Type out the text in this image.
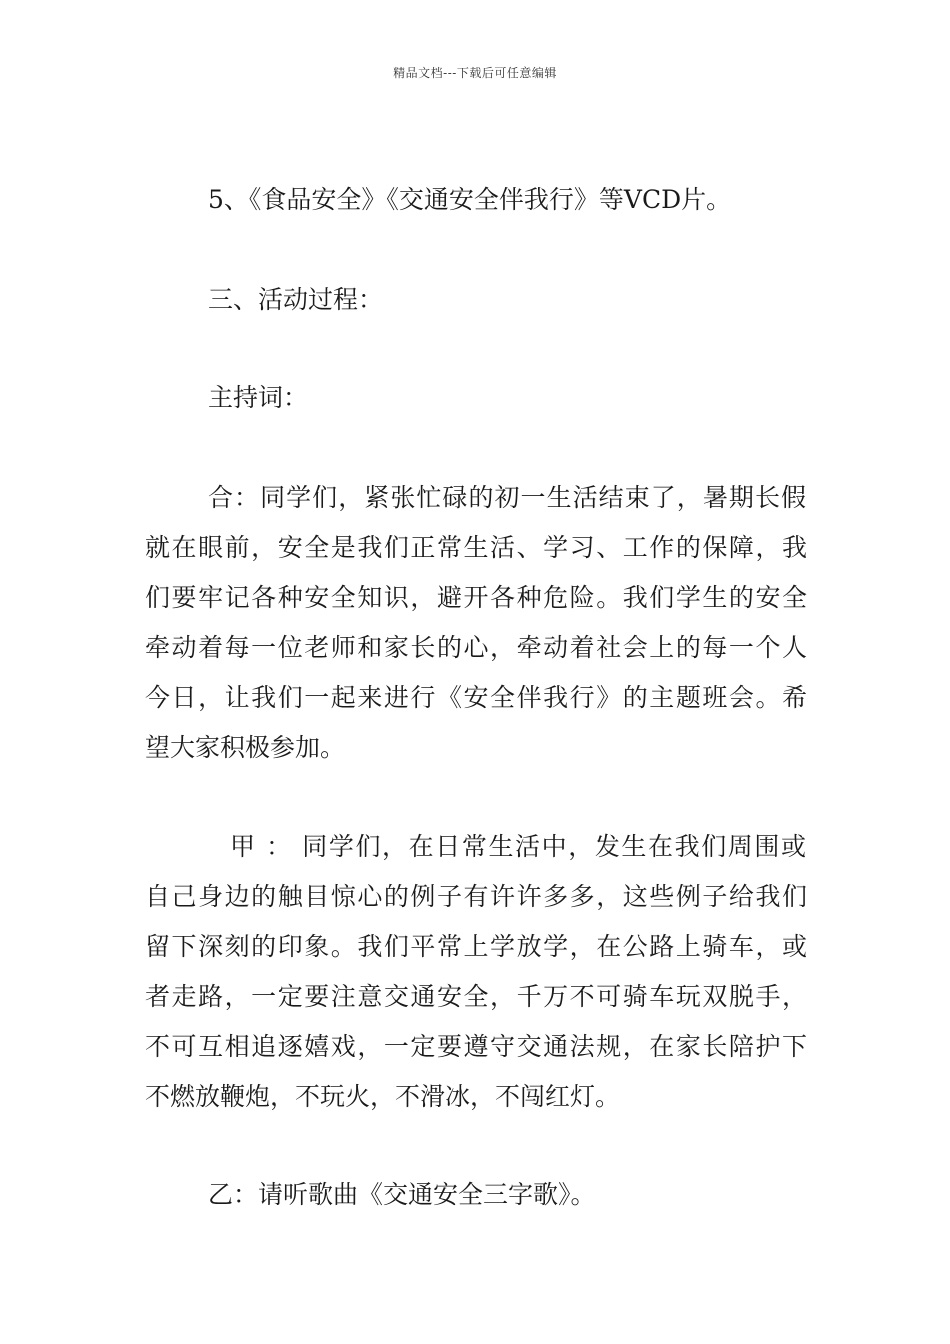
精品文档---下载后可任意编辑
5、《食品安全》《交通安全伴我行》等VCD片。
三、活动过程：
主持词：
合：同学们，紧张忙碌的初一生活结束了，暑期长假
就在眼前，安全是我们正常生活、学习、工作的保障，我
们要牢记各种安全知识，避开各种危险。我们学生的安全
牵动着每一位老师和家长的心，牵动着社会上的每一个人
今日，让我们一起来进行《安全伴我行》的主题班会。希
望大家积极参加。
甲 ： 同学们，在日常生活中，发生在我们周围或
自己身边的触目惊心的例子有许许多多，这些例子给我们
留下深刻的印象。我们平常上学放学，在公路上骑车，或
者走路，一定要注意交通安全，千万不可骑车玩双脱手，
不可互相追逐嬉戏，一定要遵守交通法规，在家长陪护下
不燃放鞭炮，不玩火，不滑冰，不闯红灯。
乙：请听歌曲《交通安全三字歌》。
